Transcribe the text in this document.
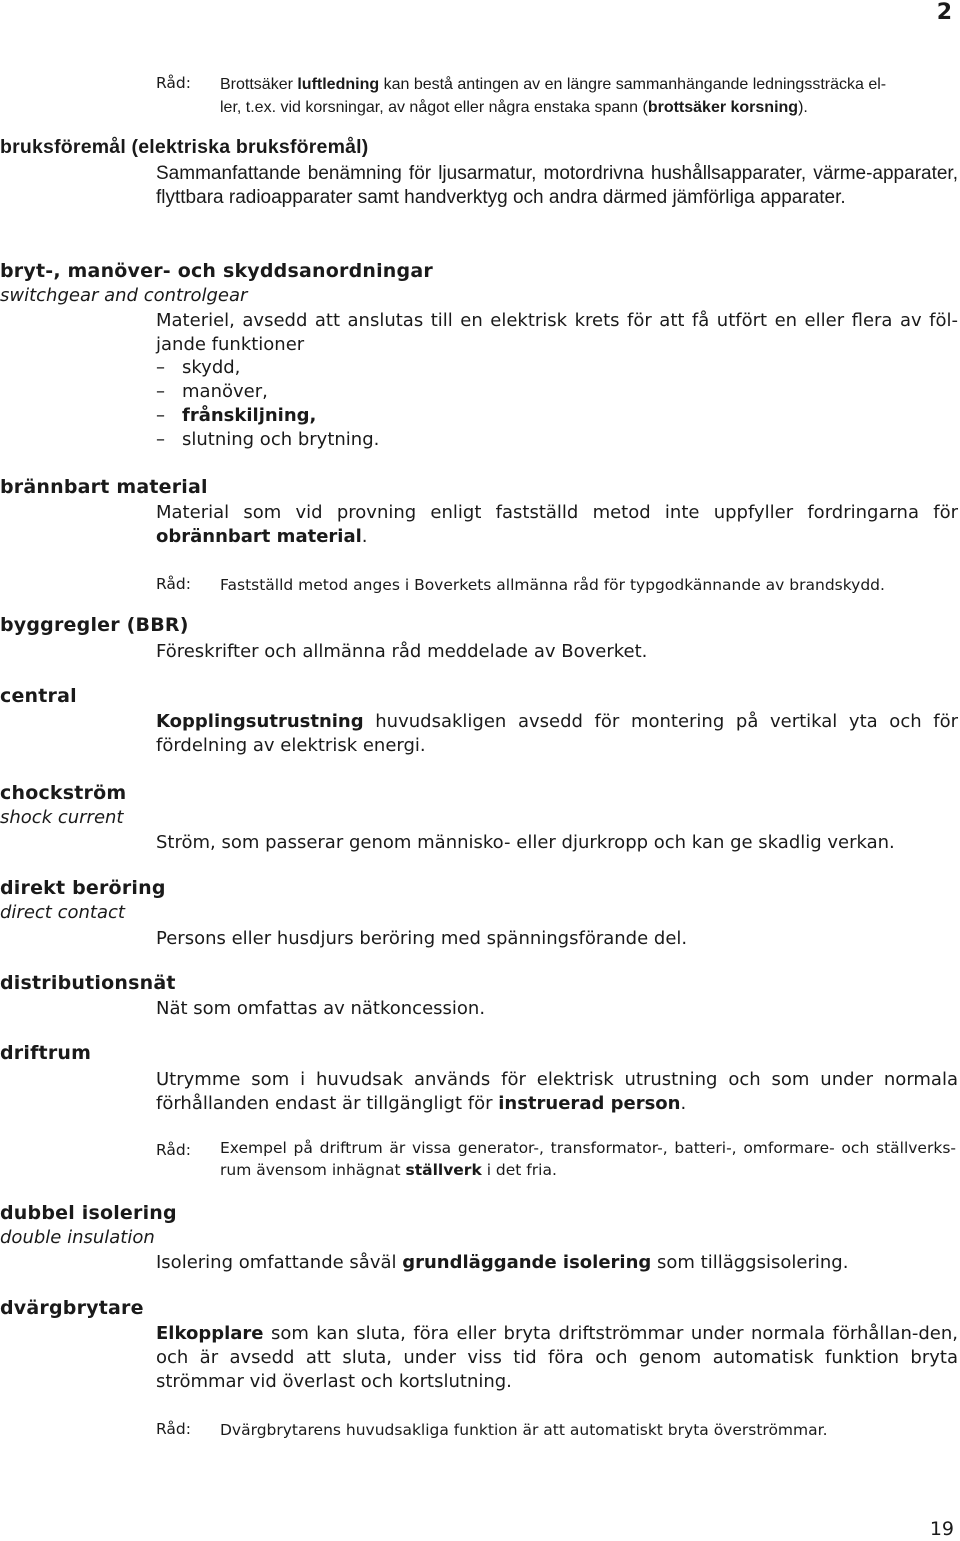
2
Råd: Brottsäker luftledning kan bestå antingen av en längre sammanhängande ledningssträcka el-
ler, t.ex. vid korsningar, av något eller några enstaka spann (brottsäker korsning).
bruksföremål (elektriska bruksföremål)
Sammanfattande benämning för ljusarmatur, motordrivna hushållsapparater, värme-apparater, flyttbara radioapparater samt handverktyg och andra därmed jämförliga apparater.
bryt-, manöver- och skyddsanordningar
switchgear and controlgear
Materiel, avsedd att anslutas till en elektrisk krets för att få utfört en eller flera av föl-jande funktioner
– skydd,
– manöver,
– frånskiljning,
– slutning och brytning.
brännbart material
Material som vid provning enligt fastställd metod inte uppfyller fordringarna för obrännbart material.
Råd: Fastställd metod anges i Boverkets allmänna råd för typgodkännande av brandskydd.
byggregler (BBR)
Föreskrifter och allmänna råd meddelade av Boverket.
central
Kopplingsutrustning huvudsakligen avsedd för montering på vertikal yta och för fördelning av elektrisk energi.
chockström
shock current
Ström, som passerar genom människo- eller djurkropp och kan ge skadlig verkan.
direkt beröring
direct contact
Persons eller husdjurs beröring med spänningsförande del.
distributionsnät
Nät som omfattas av nätkoncession.
driftrum
Utrymme som i huvudsak används för elektrisk utrustning och som under normala förhållanden endast är tillgängligt för instruerad person.
Råd: Exempel på driftrum är vissa generator-, transformator-, batteri-, omformare- och ställverks-rum ävensom inhägnat ställverk i det fria.
dubbel isolering
double insulation
Isolering omfattande såväl grundläggande isolering som tilläggsisolering.
dvärgbrytare
Elkopplare som kan sluta, föra eller bryta driftströmmar under normala förhållan-den, och är avsedd att sluta, under viss tid föra och genom automatisk funktion bryta strömmar vid överlast och kortslutning.
Råd: Dvärgbrytarens huvudsakliga funktion är att automatiskt bryta överströmmar.
19
